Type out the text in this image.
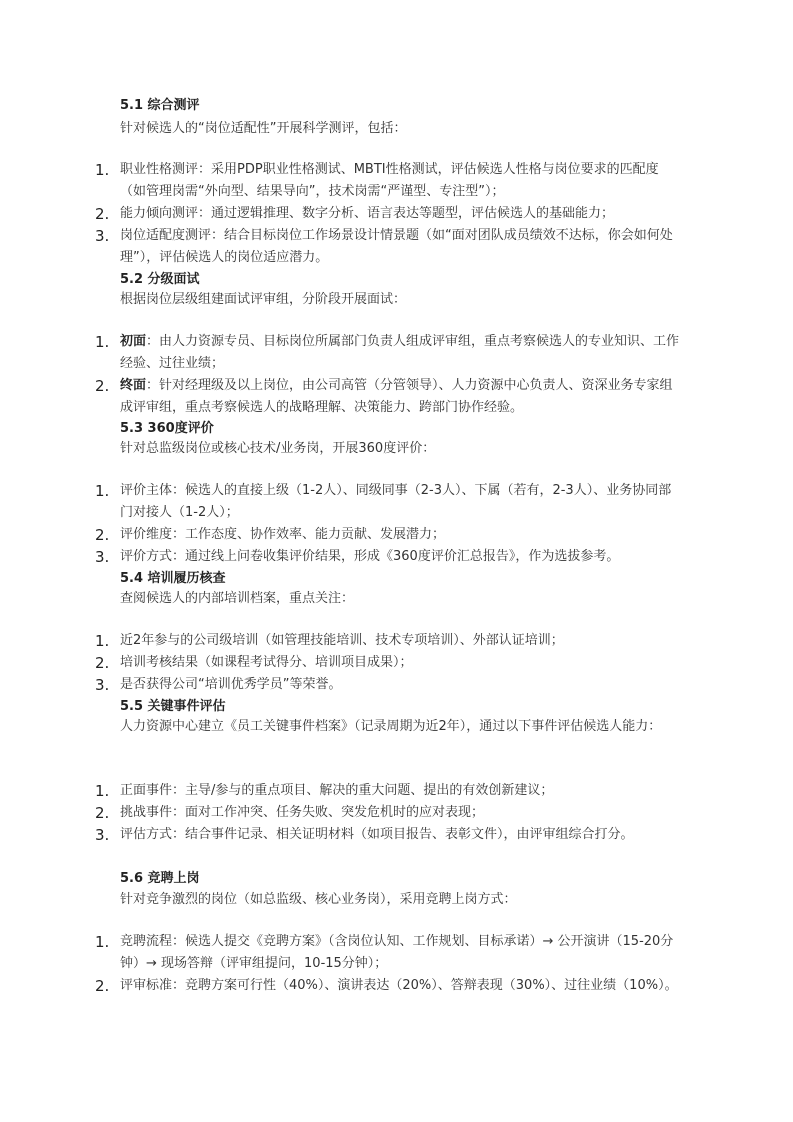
5.1 综合测评
针对候选人的“岗位适配性”开展科学测评，包括：
1. 职业性格测评：采用PDP职业性格测试、MBTI性格测试，评估候选人性格与岗位要求的匹配度（如管理岗需“外向型、结果导向”，技术岗需“严谨型、专注型”）；
2. 能力倾向测评：通过逻辑推理、数字分析、语言表达等题型，评估候选人的基础能力；
3. 岗位适配度测评：结合目标岗位工作场景设计情景题（如“面对团队成员绩效不达标，你会如何处理”），评估候选人的岗位适应潜力。
5.2 分级面试
根据岗位层级组建面试评审组，分阶段开展面试：
1. 初面：由人力资源专员、目标岗位所属部门负责人组成评审组，重点考察候选人的专业知识、工作经验、过往业绩；
2. 终面：针对经理级及以上岗位，由公司高管（分管领导）、人力资源中心负责人、资深业务专家组成评审组，重点考察候选人的战略理解、决策能力、跨部门协作经验。
5.3 360度评价
针对总监级岗位或核心技术/业务岗，开展360度评价：
1. 评价主体：候选人的直接上级（1-2人）、同级同事（2-3人）、下属（若有，2-3人）、业务协同部门对接人（1-2人）；
2. 评价维度：工作态度、协作效率、能力贡献、发展潜力；
3. 评价方式：通过线上问卷收集评价结果，形成《360度评价汇总报告》，作为选拔参考。
5.4 培训履历核查
查阅候选人的内部培训档案，重点关注：
1. 近2年参与的公司级培训（如管理技能培训、技术专项培训）、外部认证培训；
2. 培训考核结果（如课程考试得分、培训项目成果）；
3. 是否获得公司“培训优秀学员”等荣誉。
5.5 关键事件评估
人力资源中心建立《员工关键事件档案》（记录周期为近2年），通过以下事件评估候选人能力：
1. 正面事件：主导/参与的重点项目、解决的重大问题、提出的有效创新建议；
2. 挑战事件：面对工作冲突、任务失败、突发危机时的应对表现；
3. 评估方式：结合事件记录、相关证明材料（如项目报告、表彰文件），由评审组综合打分。
5.6 竞聘上岗
针对竞争激烈的岗位（如总监级、核心业务岗），采用竞聘上岗方式：
1. 竞聘流程：候选人提交《竞聘方案》（含岗位认知、工作规划、目标承诺）→ 公开演讲（15-20分钟）→ 现场答辩（评审组提问，10-15分钟）；
2. 评审标准：竞聘方案可行性（40%）、演讲表达（20%）、答辩表现（30%）、过往业绩（10%）。
